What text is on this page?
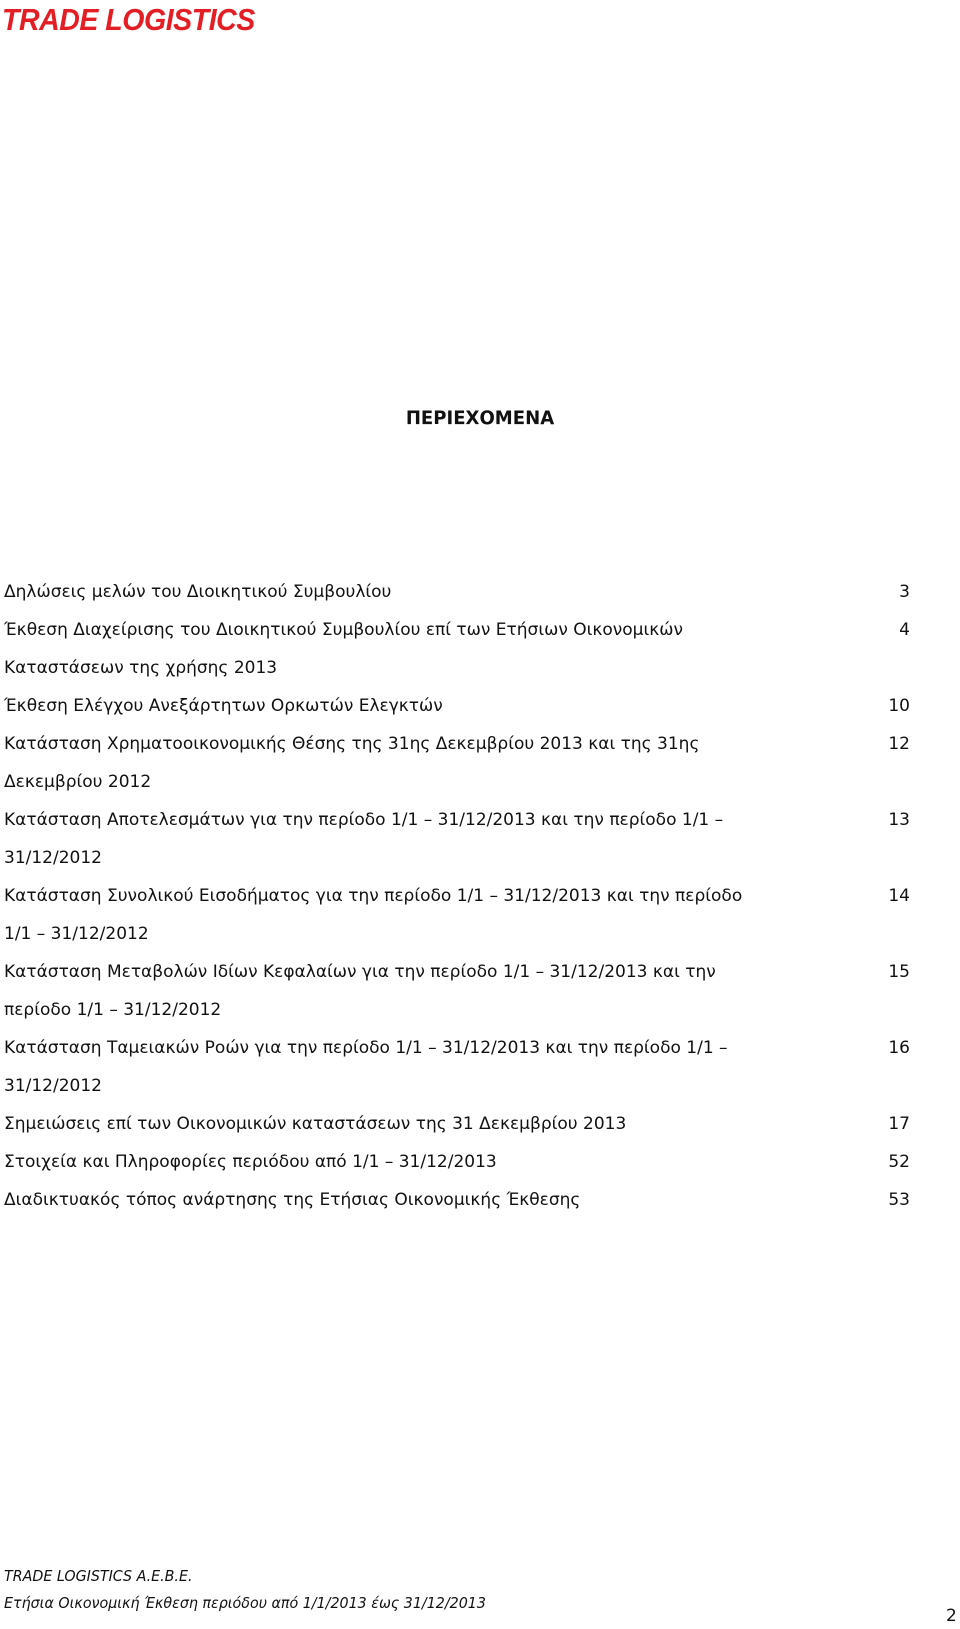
TRADE LOGISTICS
ΠΕΡΙΕΧΟΜΕΝΑ
Δηλώσεις μελών του Διοικητικού Συμβουλίου	3
Έκθεση Διαχείρισης του Διοικητικού Συμβουλίου επί των Ετήσιων Οικονομικών
Καταστάσεων της χρήσης 2013
4
Έκθεση Ελέγχου Ανεξάρτητων Ορκωτών Ελεγκτών	10
Κατάσταση Χρηματοοικονομικής Θέσης της 31ης Δεκεμβρίου 2013 και της 31ης
Δεκεμβρίου 2012
12
Κατάσταση Αποτελεσμάτων για την περίοδο 1/1 – 31/12/2013 και την περίοδο 1/1 –
31/12/2012
13
Κατάσταση Συνολικού Εισοδήματος για την περίοδο 1/1 – 31/12/2013 και την περίοδο
1/1 – 31/12/2012
14
Κατάσταση Μεταβολών Ιδίων Κεφαλαίων για την περίοδο 1/1 – 31/12/2013 και την
περίοδο 1/1 – 31/12/2012
15
Κατάσταση Ταμειακών Ροών για την περίοδο 1/1 – 31/12/2013 και την περίοδο 1/1 –
31/12/2012
16
Σημειώσεις επί των Οικονομικών καταστάσεων της 31 Δεκεμβρίου 2013	17
Στοιχεία και Πληροφορίες περιόδου από 1/1 – 31/12/2013	52
Διαδικτυακός τόπος ανάρτησης της Ετήσιας Οικονομικής Έκθεσης	53
TRADE LOGISTICS A.E.B.E.
Ετήσια Οικονομική Έκθεση περιόδου από 1/1/2013 έως 31/12/2013
2
